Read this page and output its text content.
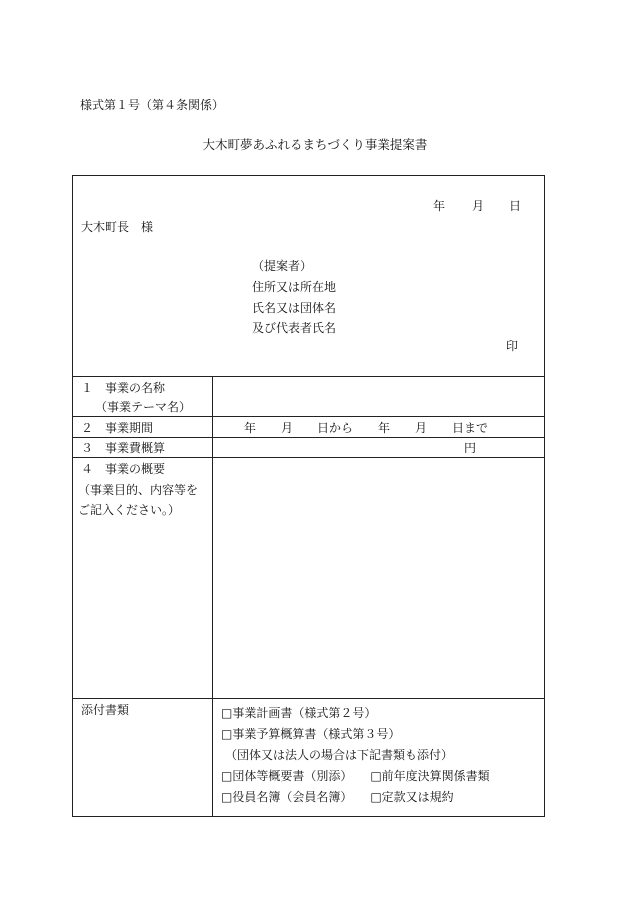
様式第１号（第４条関係）
大木町夢あふれるまちづくり事業提案書
年 月 日
大木町長　様
（提案者）
住所又は所在地
氏名又は団体名
及び代表者氏名
印
１　事業の名称
（事業テーマ名）
２　事業期間	年 月 日から 年 月 日まで
３　事業費概算	円
４　事業の概要
（事業目的、内容等を
ご記入ください。）
添付書類	□事業計画書（様式第２号）
□事業予算概算書（様式第３号）
（団体又は法人の場合は下記書類も添付）
□団体等概要書（別添） □前年度決算関係書類
□役員名簿（会員名簿） □定款又は規約
